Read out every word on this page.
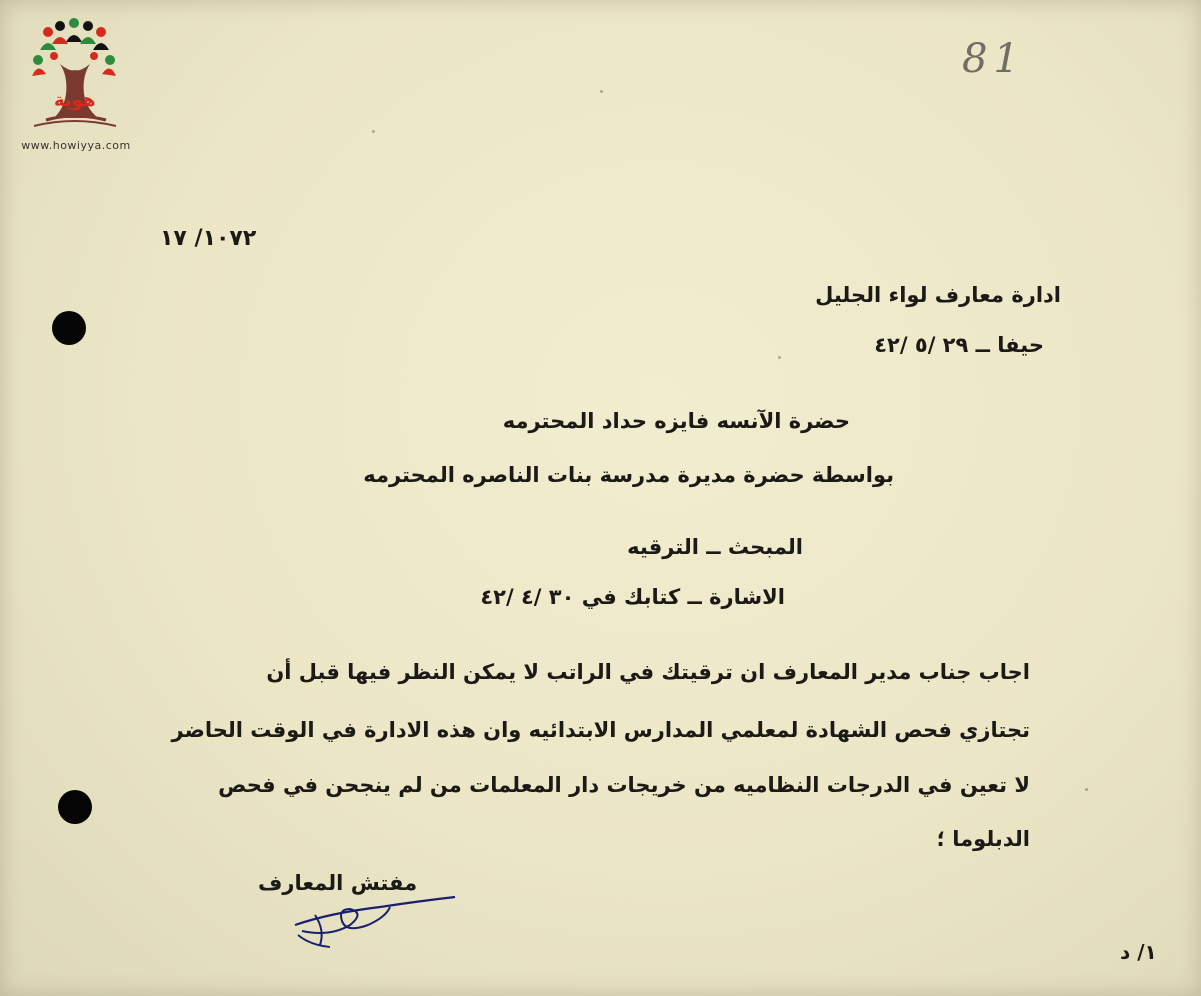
هوية
www.howiyya.com
81
١٠٧٢/ ١٧
ادارة معارف لواء الجليل
حيفا ــ ٢٩ /٥ /٤٢
حضرة الآنسه فايزه حداد المحترمه
بواسطة حضرة مديرة مدرسة بنات الناصره المحترمه
المبحث ــ الترقيه
الاشارة ــ كتابك في ٣٠ /٤ /٤٢
اجاب جناب مدير المعارف ان ترقيتك في الراتب لا يمكن النظر فيها قبل أن
تجتازي فحص الشهادة لمعلمي المدارس الابتدائيه وان هذه الادارة في الوقت الحاضر
لا تعين في الدرجات النظاميه من خريجات دار المعلمات من لم ينجحن في فحص
الدبلوما ؛
مفتش المعارف
١/ د
